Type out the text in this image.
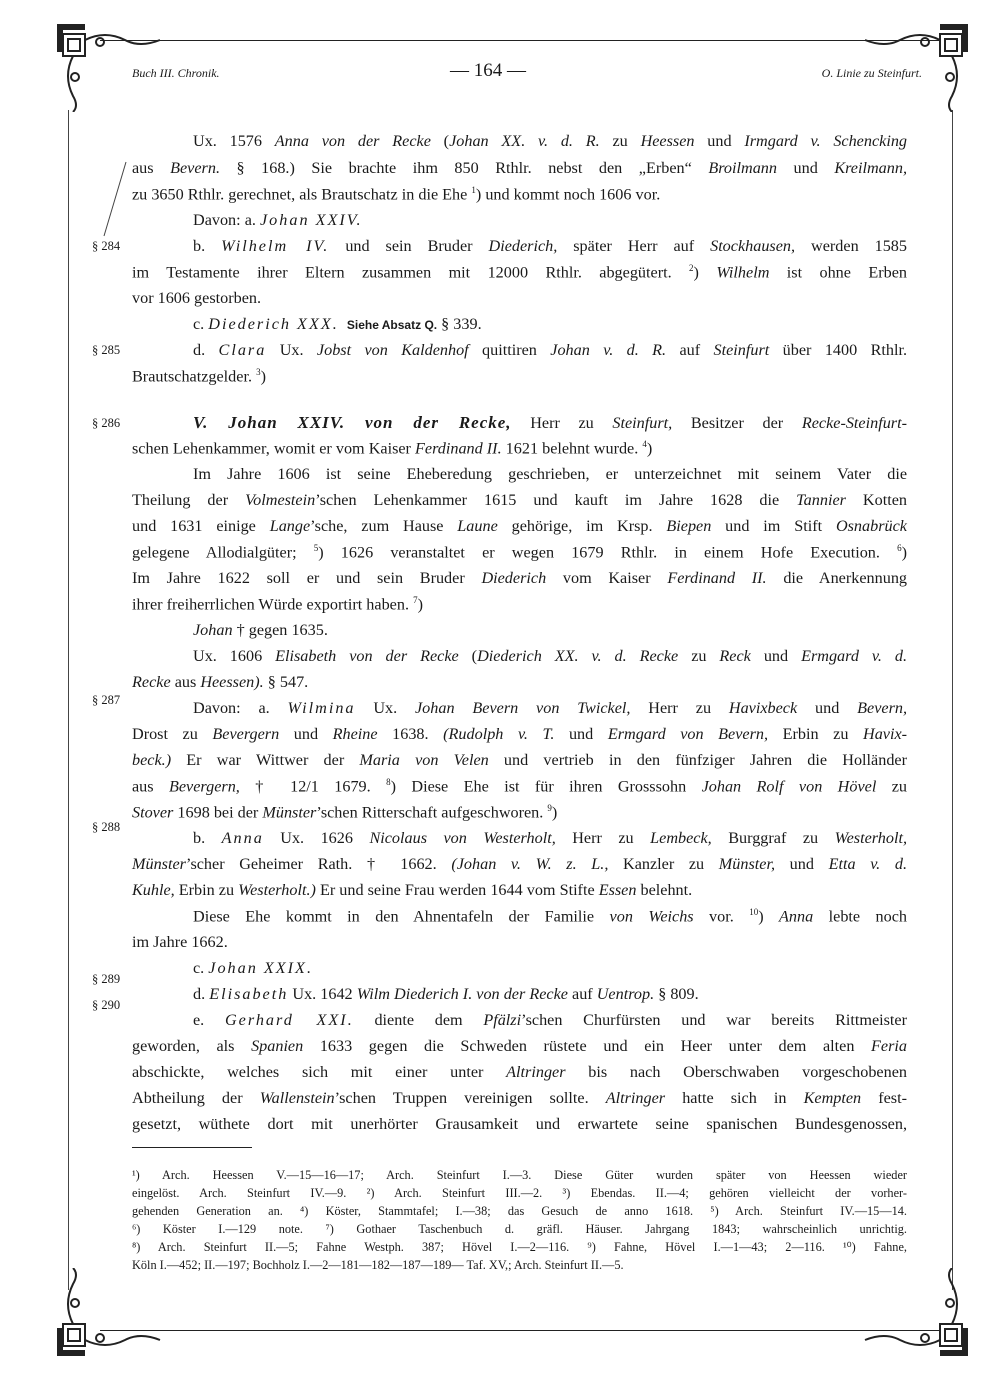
Buch III. Chronik.	— 164 —	O. Linie zu Steinfurt.
§ 284
§ 285
§ 286
§ 287
§ 288
§ 289
§ 290
Ux. 1576 Anna von der Recke (Johan XX. v. d. R. zu Heessen und Irmgard v. Schencking
aus Bevern. § 168.) Sie brachte ihm 850 Rthlr. nebst den „Erben“ Broilmann und Kreilmann,
zu 3650 Rthlr. gerechnet, als Brautschatz in die Ehe $^1$) und kommt noch 1606 vor.
Davon: a. Johan XXIV.
b. Wilhelm IV. und sein Bruder Diederich, später Herr auf Stockhausen, werden 1585
im Testamente ihrer Eltern zusammen mit 12000 Rthlr. abgegütert. $^2$) Wilhelm ist ohne Erben
vor 1606 gestorben.
c. Diederich XXX. Siehe Absatz Q. § 339.
d. Clara Ux. Jobst von Kaldenhof quittiren Johan v. d. R. auf Steinfurt über 1400 Rthlr.
Brautschatzgelder. $^3$)
V. Johan XXIV. von der Recke, Herr zu Steinfurt, Besitzer der Recke-Steinfurt-
schen Lehenkammer, womit er vom Kaiser Ferdinand II. 1621 belehnt wurde. $^4$)
Im Jahre 1606 ist seine Eheberedung geschrieben, er unterzeichnet mit seinem Vater die
Theilung der Volmestein’schen Lehenkammer 1615 und kauft im Jahre 1628 die Tannier Kotten
und 1631 einige Lange’sche, zum Hause Laune gehörige, im Krsp. Biepen und im Stift Osnabrück
gelegene Allodialgüter; $^5$) 1626 veranstaltet er wegen 1679 Rthlr. in einem Hofe Execution. $^6$)
Im Jahre 1622 soll er und sein Bruder Diederich vom Kaiser Ferdinand II. die Anerkennung
ihrer freiherrlichen Würde exportirt haben. $^7$)
Johan † gegen 1635.
Ux. 1606 Elisabeth von der Recke (Diederich XX. v. d. Recke zu Reck und Ermgard v. d.
Recke aus Heessen). § 547.
Davon: a. Wilmina Ux. Johan Bevern von Twickel, Herr zu Havixbeck und Bevern,
Drost zu Bevergern und Rheine 1638. (Rudolph v. T. und Ermgard von Bevern, Erbin zu Havix-
beck.) Er war Wittwer der Maria von Velen und vertrieb in den fünfziger Jahren die Holländer
aus Bevergern, † 12/1 1679. $^8$) Diese Ehe ist für ihren Grosssohn Johan Rolf von Hövel zu
Stover 1698 bei der Münster’schen Ritterschaft aufgeschworen. $^9$)
b. Anna Ux. 1626 Nicolaus von Westerholt, Herr zu Lembeck, Burggraf zu Westerholt,
Münster’scher Geheimer Rath. † 1662. (Johan v. W. z. L., Kanzler zu Münster, und Etta v. d.
Kuhle, Erbin zu Westerholt.) Er und seine Frau werden 1644 vom Stifte Essen belehnt.
Diese Ehe kommt in den Ahnentafeln der Familie von Weichs vor. $^{10}$) Anna lebte noch
im Jahre 1662.
c. Johan XXIX.
d. Elisabeth Ux. 1642 Wilm Diederich I. von der Recke auf Uentrop. § 809.
e. Gerhard XXI. diente dem Pfälzi’schen Churfürsten und war bereits Rittmeister
geworden, als Spanien 1633 gegen die Schweden rüstete und ein Heer unter dem alten Feria
abschickte, welches sich mit einer unter Altringer bis nach Oberschwaben vorgeschobenen
Abtheilung der Wallenstein’schen Truppen vereinigen sollte. Altringer hatte sich in Kempten fest-
gesetzt, wüthete dort mit unerhörter Grausamkeit und erwartete seine spanischen Bundesgenossen,
¹) Arch. Heessen V.—15—16—17; Arch. Steinfurt I.—3. Diese Güter wurden später von Heessen wieder
eingelöst. Arch. Steinfurt IV.—9. ²) Arch. Steinfurt III.—2. ³) Ebendas. II.—4; gehören vielleicht der vorher-
gehenden Generation an. ⁴) Köster, Stammtafel; I.—38; das Gesuch de anno 1618. ⁵) Arch. Steinfurt IV.—15—14.
⁶) Köster I.—129 note. ⁷) Gothaer Taschenbuch d. gräfl. Häuser. Jahrgang 1843; wahrscheinlich unrichtig.
⁸) Arch. Steinfurt II.—5; Fahne Westph. 387; Hövel I.—2—116. ⁹) Fahne, Hövel I.—1—43; 2—116. ¹⁰) Fahne,
Köln I.—452; II.—197; Bochholz I.—2—181—182—187—189— Taf. XV,; Arch. Steinfurt II.—5.
